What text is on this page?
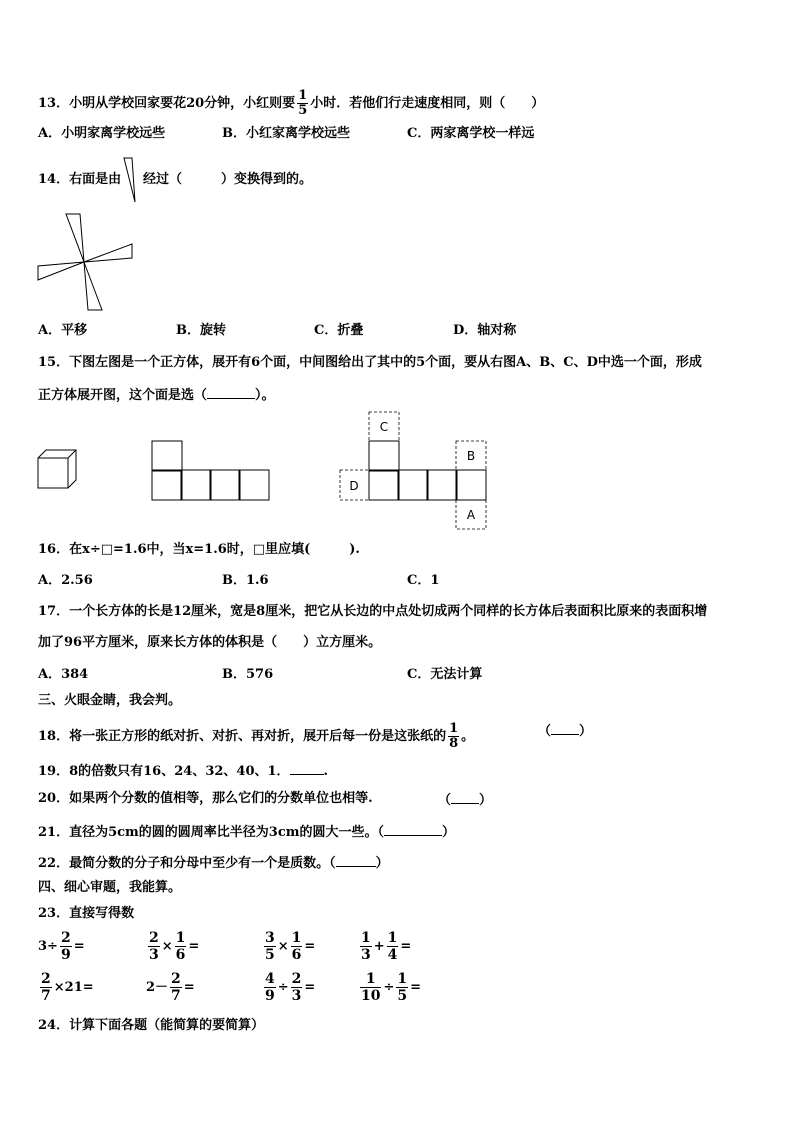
13．小明从学校回家要花20分钟，小红则要 $\frac{1}{5}$ 小时．若他们行走速度相同，则（　　）
A．小明家离学校远些	B．小红家离学校远些	C．两家离学校一样远
14．右面是由 经过（　　　）变换得到的。
A．平移	B．旋转	C．折叠	D．轴对称
15．下图左图是一个正方体，展开有6个面，中间图给出了其中的5个面，要从右图A、B、C、D中选一个面，形成
正方体展开图，这个面是选（	）。
C
B
A
D
16．在x÷□=1.6中，当x=1.6时，□里应填(　　　).
A．2.56	B．1.6	C．1
17．一个长方体的长是12厘米，宽是8厘米，把它从长边的中点处切成两个同样的长方体后表面积比原来的表面积增
加了96平方厘米，原来长方体的体积是（　　）立方厘米。
A．384	B．576	C．无法计算
三、火眼金睛，我会判。
18．将一张正方形的纸对折、对折、再对折，展开后每一份是这张纸的 $\frac{1}{8}$ 。	（ ）
19．8的倍数只有16、24、32、40、1．	.
20．如果两个分数的值相等，那么它们的分数单位也相等.	（ ）
21．直径为5cm的圆的圆周率比半径为3cm的圆大一些。（	）
22．最简分数的分子和分母中至少有一个是质数。（	）
四、细心审题，我能算。
23．直接写得数
$3\div \frac{2}{9}$ =	$\frac{2}{3} \times \frac{1}{6}$ =	$\frac{3}{5} \times \frac{1}{6}$ =	$\frac{1}{3} + \frac{1}{4}$ =
$\frac{2}{7} \times 21=$	$2- \frac{2}{7}$ =	$\frac{4}{9} \div \frac{2}{3}$ =	$\frac{1}{10} \div \frac{1}{5}$ =
24．计算下面各题（能简算的要简算）
